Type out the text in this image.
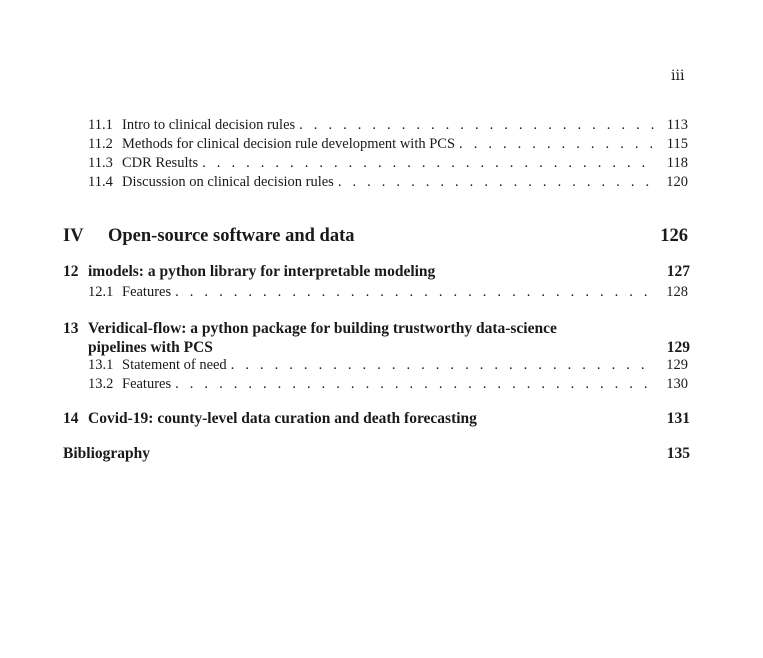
iii
11.1 Intro to clinical decision rules . . .	113
11.2 Methods for clinical decision rule development with PCS . . .	115
11.3 CDR Results . . .	118
11.4 Discussion on clinical decision rules . . .	120
IV	Open-source software and data	126
12 imodels: a python library for interpretable modeling	127
12.1 Features . . .	128
13 Veridical-flow: a python package for building trustworthy data-science
pipelines with PCS	129
13.1 Statement of need . . .	129
13.2 Features . . .	130
14 Covid-19: county-level data curation and death forecasting	131
Bibliography	135
